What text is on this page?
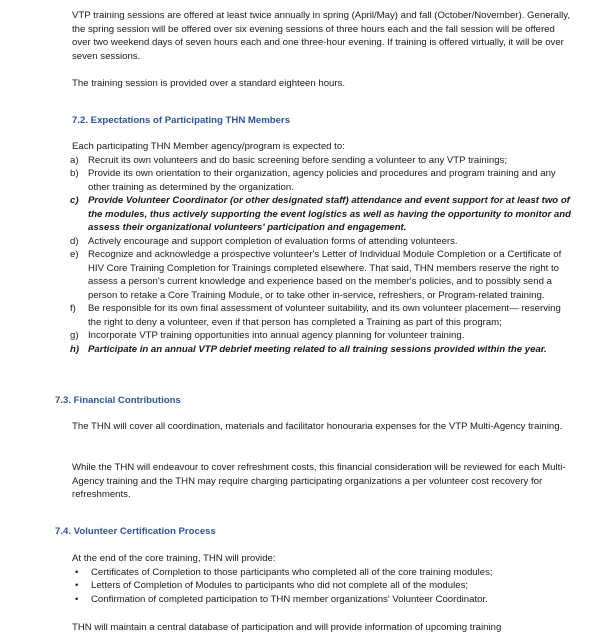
VTP training sessions are offered at least twice annually in spring (April/May) and fall (October/November). Generally, the spring session will be offered over six evening sessions of three hours each and the fall session will be offered over two weekend days of seven hours each and one three-hour evening. If training is offered virtually, it will be over seven sessions.

The training session is provided over a standard eighteen hours.

7.2. Expectations of Participating THN Members

Each participating THN Member agency/program is expected to:

a) Recruit its own volunteers and do basic screening before sending a volunteer to any VTP trainings;
b) Provide its own orientation to their organization, agency policies and procedures and program training and any other training as determined by the organization.
c) Provide Volunteer Coordinator (or other designated staff) attendance and event support for at least two of the modules, thus actively supporting the event logistics as well as having the opportunity to monitor and assess their organizational volunteers' participation and engagement.
d) Actively encourage and support completion of evaluation forms of attending volunteers.
e) Recognize and acknowledge a prospective volunteer's Letter of Individual Module Completion or a Certificate of HIV Core Training Completion for Trainings completed elsewhere. That said, THN members reserve the right to assess a person's current knowledge and experience based on the member's policies, and to possibly send a person to retake a Core Training Module, or to take other in-service, refreshers, or Program-related training.
f) Be responsible for its own final assessment of volunteer suitability, and its own volunteer placement— reserving the right to deny a volunteer, even if that person has completed a Training as part of this program;
g) Incorporate VTP training opportunities into annual agency planning for volunteer training.
h) Participate in an annual VTP debrief meeting related to all training sessions provided within the year.
7.3. Financial Contributions

The THN will cover all coordination, materials and facilitator honouraria expenses for the VTP Multi-Agency training.

While the THN will endeavour to cover refreshment costs, this financial consideration will be reviewed for each Multi-Agency training and the THN may require charging participating organizations a per volunteer cost recovery for refreshments.

7.4. Volunteer Certification Process

At the end of the core training, THN will provide:

• Certificates of Completion to those participants who completed all of the core training modules;

• Letters of Completion of Modules to participants who did not complete all of the modules;

• Confirmation of completed participation to THN member organizations' Volunteer Coordinator.

THN will maintain a central database of participation and will provide information of upcoming training
